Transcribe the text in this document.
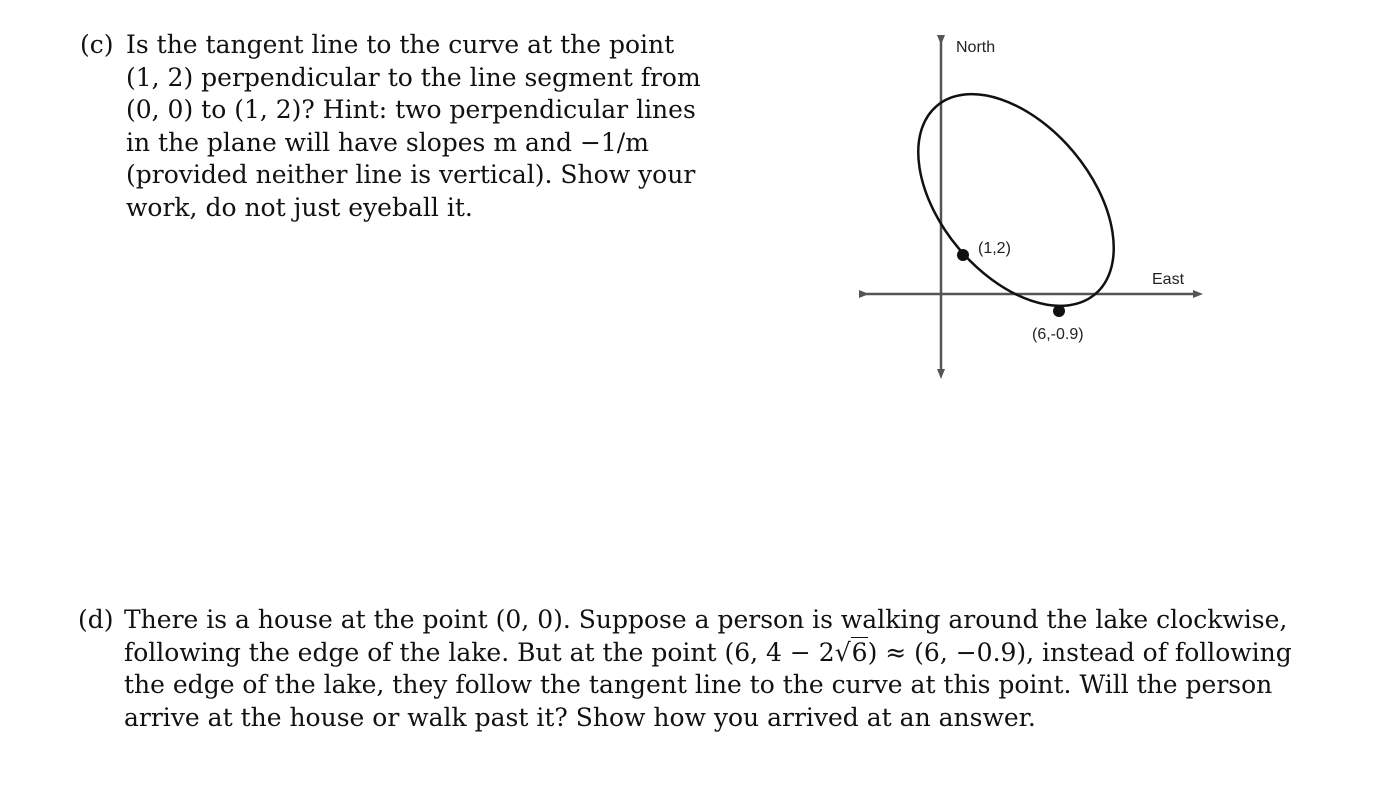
(c) Is the tangent line to the curve at the point
(1, 2) perpendicular to the line segment from
(0, 0) to (1, 2)? Hint: two perpendicular lines
in the plane will have slopes m and −1/m
(provided neither line is vertical). Show your
work, do not just eyeball it.
North
East
(1,2)
(6,-0.9)
(d) There is a house at the point (0, 0). Suppose a person is walking around the lake clockwise,
following the edge of the lake. But at the point (6, 4 − 2√6) ≈ (6, −0.9), instead of following
the edge of the lake, they follow the tangent line to the curve at this point. Will the person
arrive at the house or walk past it? Show how you arrived at an answer.
